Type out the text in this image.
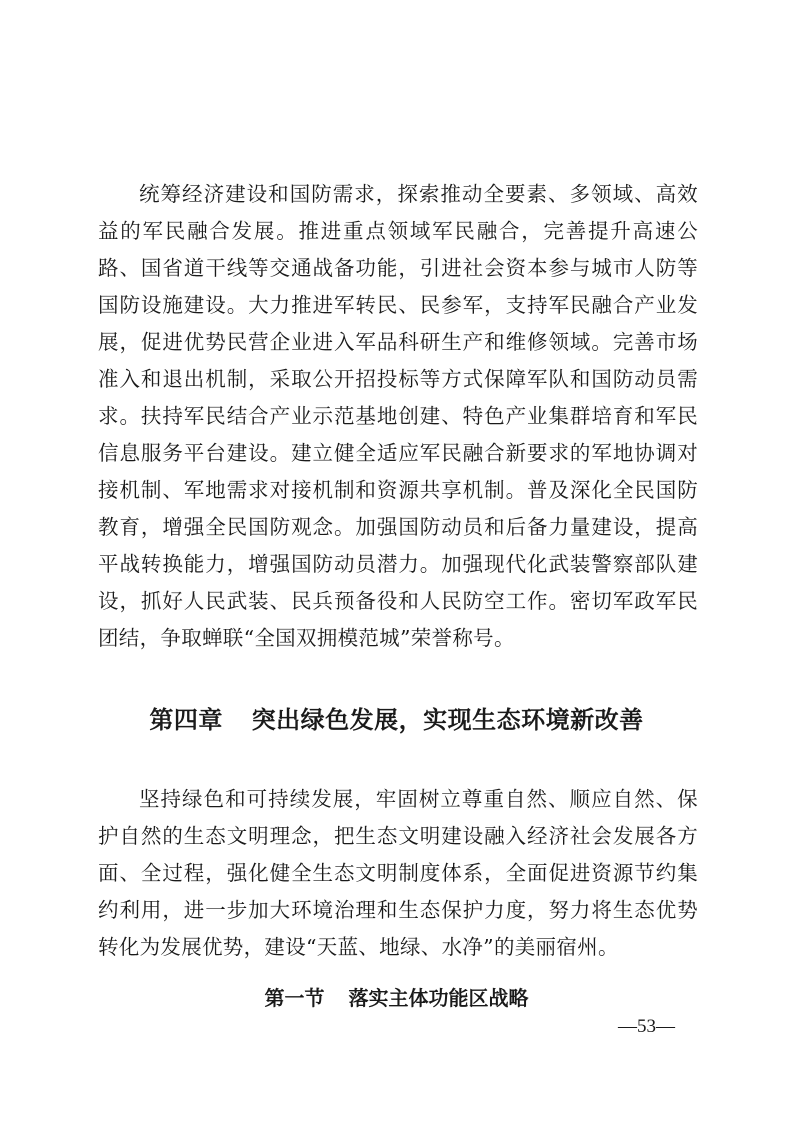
统筹经济建设和国防需求，探索推动全要素、多领域、高效益的军民融合发展。推进重点领域军民融合，完善提升高速公路、国省道干线等交通战备功能，引进社会资本参与城市人防等国防设施建设。大力推进军转民、民参军，支持军民融合产业发展，促进优势民营企业进入军品科研生产和维修领域。完善市场准入和退出机制，采取公开招投标等方式保障军队和国防动员需求。扶持军民结合产业示范基地创建、特色产业集群培育和军民信息服务平台建设。建立健全适应军民融合新要求的军地协调对接机制、军地需求对接机制和资源共享机制。普及深化全民国防教育，增强全民国防观念。加强国防动员和后备力量建设，提高平战转换能力，增强国防动员潜力。加强现代化武装警察部队建设，抓好人民武装、民兵预备役和人民防空工作。密切军政军民团结，争取蝉联“全国双拥模范城”荣誉称号。

第四章 突出绿色发展，实现生态环境新改善

坚持绿色和可持续发展，牢固树立尊重自然、顺应自然、保护自然的生态文明理念，把生态文明建设融入经济社会发展各方面、全过程，强化健全生态文明制度体系，全面促进资源节约集约利用，进一步加大环境治理和生态保护力度，努力将生态优势转化为发展优势，建设“天蓝、地绿、水净”的美丽宿州。

第一节 落实主体功能区战略
—53—
